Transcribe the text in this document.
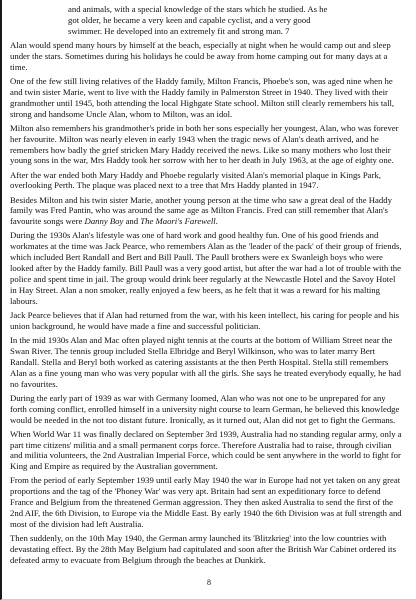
and animals, with a special knowledge of the stars which he studied. As he
got older, he became a very keen and capable cyclist, and a very good
swimmer. He developed into an extremely fit and strong man. 7

Alan would spend many hours by himself at the beach, especially at night when he would camp out and sleep under the stars. Sometimes during his holidays he could be away from home camping out for many days at a time.

One of the few still living relatives of the Haddy family, Milton Francis, Phoebe's son, was aged nine when he and twin sister Marie, went to live with the Haddy family in Palmerston Street in 1940. They lived with their grandmother until 1945, both attending the local Highgate State school. Milton still clearly remembers his tall, strong and handsome Uncle Alan, whom to Milton, was an idol.

Milton also remembers his grandmother's pride in both her sons especially her youngest, Alan, who was forever her favourite. Milton was nearly eleven in early 1943 when the tragic news of Alan's death arrived, and he remembers how badly the grief stricken Mary Haddy received the news. Like so many mothers who lost their young sons in the war, Mrs Haddy took her sorrow with her to her death in July 1963, at the age of eighty one.

After the war ended both Mary Haddy and Phoebe regularly visited Alan's memorial plaque in Kings Park, overlooking Perth. The plaque was placed next to a tree that Mrs Haddy planted in 1947.

Besides Milton and his twin sister Marie, another young person at the time who saw a great deal of the Haddy family was Fred Pantin, who was around the same age as Milton Francis. Fred can still remember that Alan's favourite songs were Danny Boy and The Maori's Farewell.

During the 1930s Alan's lifestyle was one of hard work and good healthy fun. One of his good friends and workmates at the time was Jack Pearce, who remembers Alan as the 'leader of the pack' of their group of friends, which included Bert Randall and Bert and Bill Paull. The Paull brothers were ex Swanleigh boys who were looked after by the Haddy family. Bill Paull was a very good artist, but after the war had a lot of trouble with the police and spent time in jail. The group would drink beer regularly at the Newcastle Hotel and the Savoy Hotel in Hay Street. Alan a non smoker, really enjoyed a few beers, as he felt that it was a reward for his malting labours.

Jack Pearce believes that if Alan had returned from the war, with his keen intellect, his caring for people and his union background, he would have made a fine and successful politician.

In the mid 1930s Alan and Mac often played night tennis at the courts at the bottom of William Street near the Swan River. The tennis group included Stella Elbridge and Beryl Wilkinson, who was to later marry Bert Randall. Stella and Beryl both worked as catering assistants at the then Perth Hospital. Stella still remembers Alan as a fine young man who was very popular with all the girls. She says he treated everybody equally, he had no favourites.

During the early part of 1939 as war with Germany loomed, Alan who was not one to be unprepared for any forth coming conflict, enrolled himself in a university night course to learn German, he believed this knowledge would be needed in the not too distant future. Ironically, as it turned out, Alan did not get to fight the Germans.

When World War 11 was finally declared on September 3rd 1939, Australia had no standing regular army, only a part time citizens' militia and a small permanent corps force. Therefore Australia had to raise, through civilian and militia volunteers, the 2nd Australian Imperial Force, which could be sent anywhere in the world to fight for King and Empire as required by the Australian government.

From the period of early September 1939 until early May 1940 the war in Europe had not yet taken on any great proportions and the tag of the 'Phoney War' was very apt. Britain had sent an expeditionary force to defend France and Belgium from the threatened German aggression. They then asked Australia to send the first of the 2nd AIF, the 6th Division, to Europe via the Middle East. By early 1940 the 6th Division was at full strength and most of the division had left Australia.

Then suddenly, on the 10th May 1940, the German army launched its 'Blitzkrieg' into the low countries with devastating effect. By the 28th May Belgium had capitulated and soon after the British War Cabinet ordered its defeated army to evacuate from Belgium through the beaches at Dunkirk.

8
